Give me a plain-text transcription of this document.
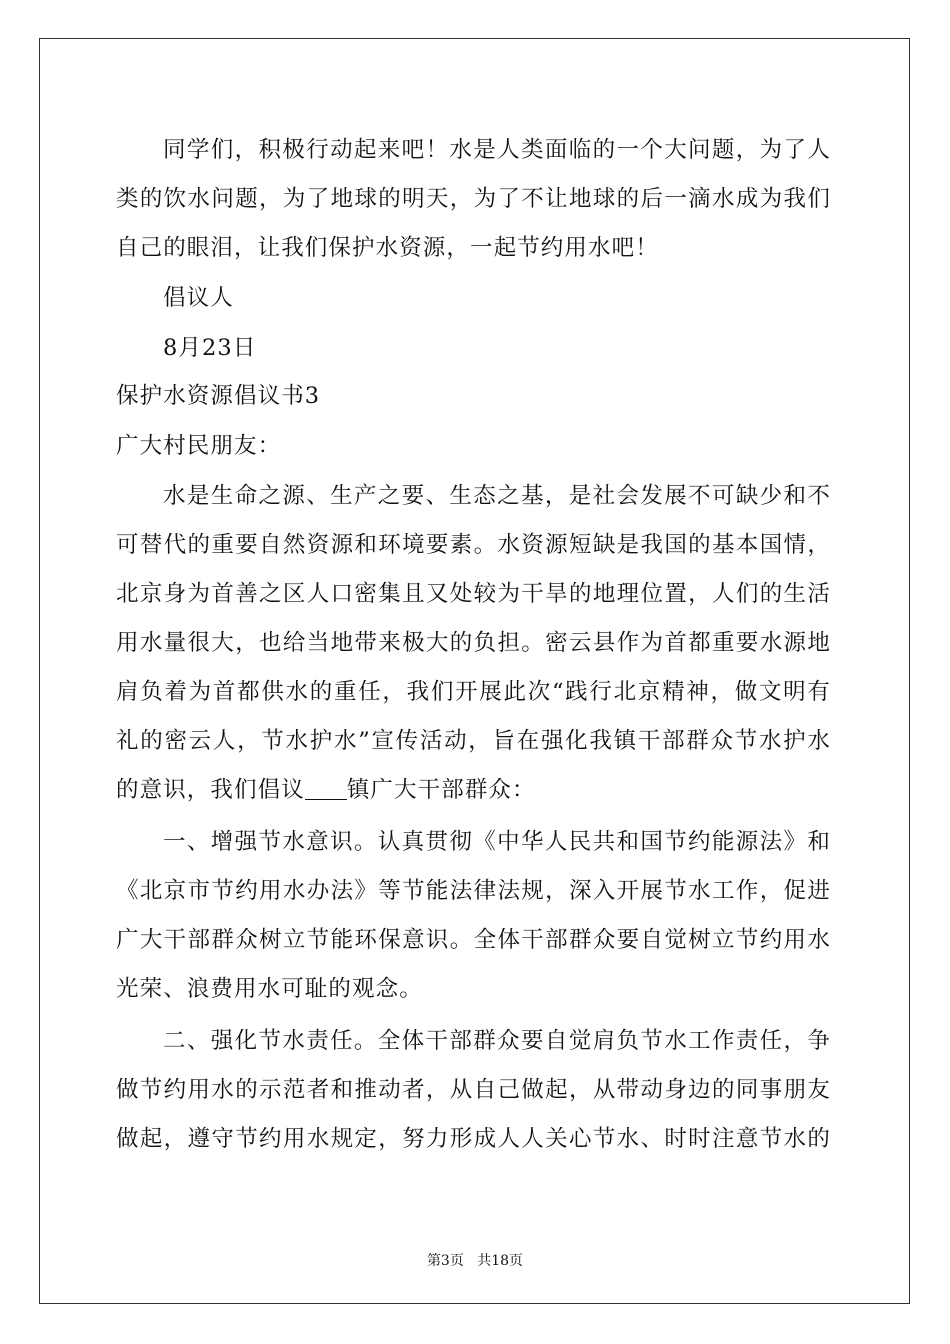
同学们，积极行动起来吧！水是人类面临的一个大问题，为了人
类的饮水问题，为了地球的明天，为了不让地球的后一滴水成为我们
自己的眼泪，让我们保护水资源，一起节约用水吧！
倡议人
8月23日
保护水资源倡议书3
广大村民朋友：
水是生命之源、生产之要、生态之基，是社会发展不可缺少和不
可替代的重要自然资源和环境要素。水资源短缺是我国的基本国情，
北京身为首善之区人口密集且又处较为干旱的地理位置，人们的生活
用水量很大，也给当地带来极大的负担。密云县作为首都重要水源地
肩负着为首都供水的重任，我们开展此次“践行北京精神，做文明有
礼的密云人，节水护水”宣传活动，旨在强化我镇干部群众节水护水
的意识，我们倡议 镇广大干部群众：
一、增强节水意识。认真贯彻《中华人民共和国节约能源法》和
《北京市节约用水办法》等节能法律法规，深入开展节水工作，促进
广大干部群众树立节能环保意识。全体干部群众要自觉树立节约用水
光荣、浪费用水可耻的观念。
二、强化节水责任。全体干部群众要自觉肩负节水工作责任，争
做节约用水的示范者和推动者，从自己做起，从带动身边的同事朋友
做起，遵守节约用水规定，努力形成人人关心节水、时时注意节水的
第3页 共18页
